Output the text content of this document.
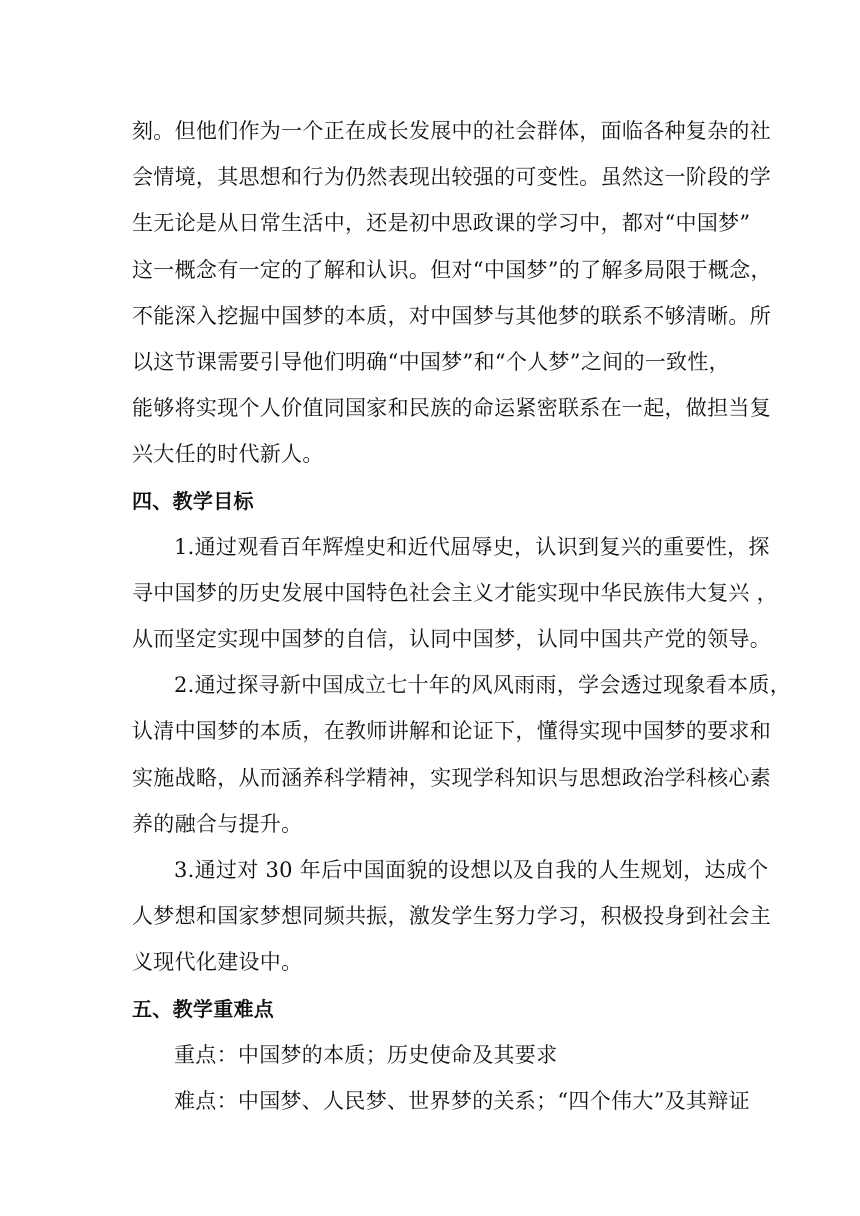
刻。但他们作为一个正在成长发展中的社会群体，面临各种复杂的社
会情境，其思想和行为仍然表现出较强的可变性。虽然这一阶段的学
生无论是从日常生活中，还是初中思政课的学习中，都对“中国梦”
这一概念有一定的了解和认识。但对“中国梦”的了解多局限于概念，
不能深入挖掘中国梦的本质，对中国梦与其他梦的联系不够清晰。所
以这节课需要引导他们明确“中国梦”和“个人梦”之间的一致性，
能够将实现个人价值同国家和民族的命运紧密联系在一起，做担当复
兴大任的时代新人。
四、教学目标
1.通过观看百年辉煌史和近代屈辱史，认识到复兴的重要性，探
寻中国梦的历史发展中国特色社会主义才能实现中华民族伟大复兴 ，
从而坚定实现中国梦的自信，认同中国梦，认同中国共产党的领导。
2.通过探寻新中国成立七十年的风风雨雨，学会透过现象看本质，
认清中国梦的本质，在教师讲解和论证下，懂得实现中国梦的要求和
实施战略，从而涵养科学精神，实现学科知识与思想政治学科核心素
养的融合与提升。
3.通过对 30 年后中国面貌的设想以及自我的人生规划，达成个
人梦想和国家梦想同频共振，激发学生努力学习，积极投身到社会主
义现代化建设中。
五、教学重难点
重点：中国梦的本质；历史使命及其要求
难点：中国梦、人民梦、世界梦的关系；“四个伟大”及其辩证
